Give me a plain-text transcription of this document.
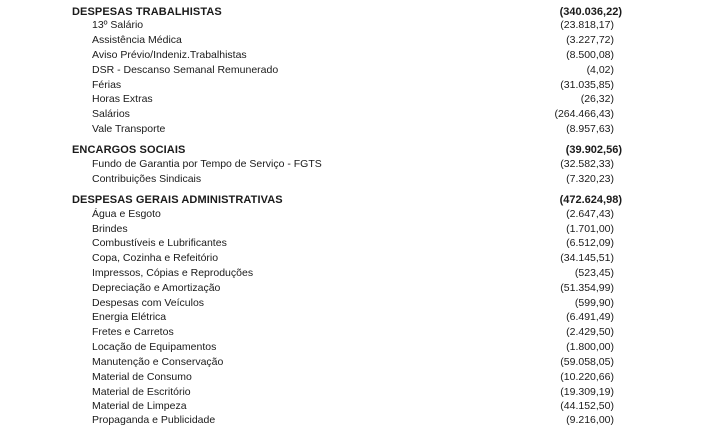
DESPESAS TRABALHISTAS	(340.036,22)
13º Salário	(23.818,17)
Assistência Médica	(3.227,72)
Aviso Prévio/Indeniz.Trabalhistas	(8.500,08)
DSR - Descanso Semanal Remunerado	(4,02)
Férias	(31.035,85)
Horas Extras	(26,32)
Salários	(264.466,43)
Vale Transporte	(8.957,63)
ENCARGOS SOCIAIS	(39.902,56)
Fundo de Garantia por Tempo de Serviço - FGTS	(32.582,33)
Contribuições Sindicais	(7.320,23)
DESPESAS GERAIS ADMINISTRATIVAS	(472.624,98)
Água e Esgoto	(2.647,43)
Brindes	(1.701,00)
Combustíveis e Lubrificantes	(6.512,09)
Copa, Cozinha e Refeitório	(34.145,51)
Impressos, Cópias e Reproduções	(523,45)
Depreciação e Amortização	(51.354,99)
Despesas com Veículos	(599,90)
Energia Elétrica	(6.491,49)
Fretes e Carretos	(2.429,50)
Locação de Equipamentos	(1.800,00)
Manutenção e Conservação	(59.058,05)
Material de Consumo	(10.220,66)
Material de Escritório	(19.309,19)
Material de Limpeza	(44.152,50)
Propaganda e Publicidade	(9.216,00)
